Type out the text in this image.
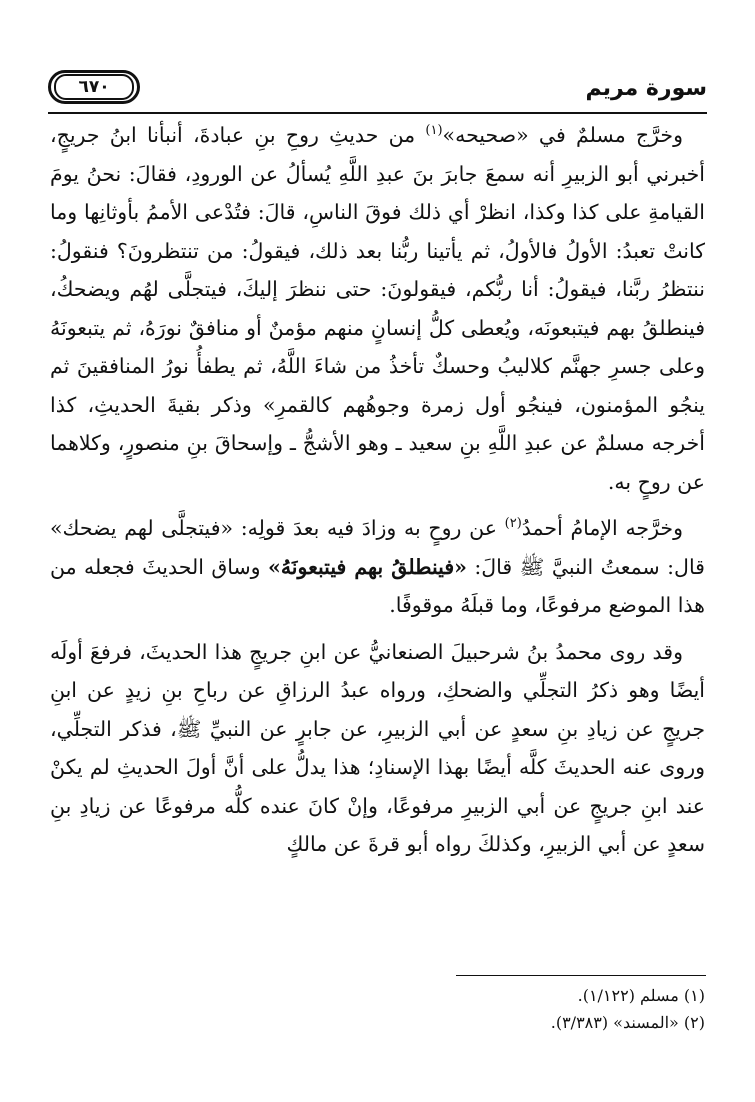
سورة مريم
٦٧٠

وخرَّج مسلمٌ في «صحيحه»$^{(١)}$ من حديثِ روحِ بنِ عبادةَ، أنبأنا ابنُ جريجٍ، أخبرني أبو الزبيرِ أنه سمعَ جابرَ بنَ عبدِ اللَّهِ يُسألُ عن الورودِ، فقالَ: نحنُ يومَ القيامةِ على كذا وكذا، انظرْ أي ذلك فوقَ الناسِ، قالَ: فتُدْعى الأممُ بأوثانِها وما كانتْ تعبدُ: الأولُ فالأولُ، ثم يأتينا ربُّنا بعد ذلك، فيقولُ: من تنتظرونَ؟ فنقولُ: ننتظرُ ربَّنا، فيقولُ: أنا ربُّكم، فيقولونَ: حتى ننظرَ إليكَ، فيتجلَّى لهُم ويضحكُ، فينطلقُ بهم فيتبعونَه، ويُعطى كلُّ إنسانٍ منهم مؤمنٌ أو منافقٌ نورَهُ، ثم يتبعونَهُ وعلى جسرِ جهنَّم كلاليبُ وحسكٌ تأخذُ من شاءَ اللَّهُ، ثم يطفأُ نورُ المنافقينَ ثم ينجُو المؤمنون، فينجُو أول زمرة وجوهُهم كالقمرِ» وذكر بقيةَ الحديثِ، كذا أخرجه مسلمٌ عن عبدِ اللَّهِ بنِ سعيد ـ وهو الأشجُّ ـ وإسحاقَ بنِ منصورٍ، وكلاهما عن روحٍ به.

وخرَّجه الإمامُ أحمدُ$^{(٢)}$ عن روحٍ به وزادَ فيه بعدَ قولِه: «فيتجلَّى لهم يضحك» قال: سمعتُ النبيَّ ﷺ قالَ: «فينطلقُ بهم فيتبعونَهُ» وساق الحديثَ فجعله من هذا الموضع مرفوعًا، وما قبلَهُ موقوفًا.

وقد روى محمدُ بنُ شرحبيلَ الصنعانيُّ عن ابنِ جريجٍ هذا الحديثَ، فرفعَ أولَه أيضًا وهو ذكرُ التجلِّي والضحكِ، ورواه عبدُ الرزاقِ عن رباحِ بنِ زيدٍ عن ابنِ جريجٍ عن زيادِ بنِ سعدٍ عن أبي الزبيرِ، عن جابرٍ عن النبيِّ ﷺ، فذكر التجلِّي، وروى عنه الحديثَ كلَّه أيضًا بهذا الإسنادِ؛ هذا يدلُّ على أنَّ أولَ الحديثِ لم يكنْ عند ابنِ جريجٍ عن أبي الزبيرِ مرفوعًا، وإنْ كانَ عنده كلُّه مرفوعًا عن زيادِ بنِ سعدٍ عن أبي الزبيرِ، وكذلكَ رواه أبو قرةَ عن مالكٍ

(١) مسلم (١/١٢٢).
(٢) «المسند» (٣/٣٨٣).
